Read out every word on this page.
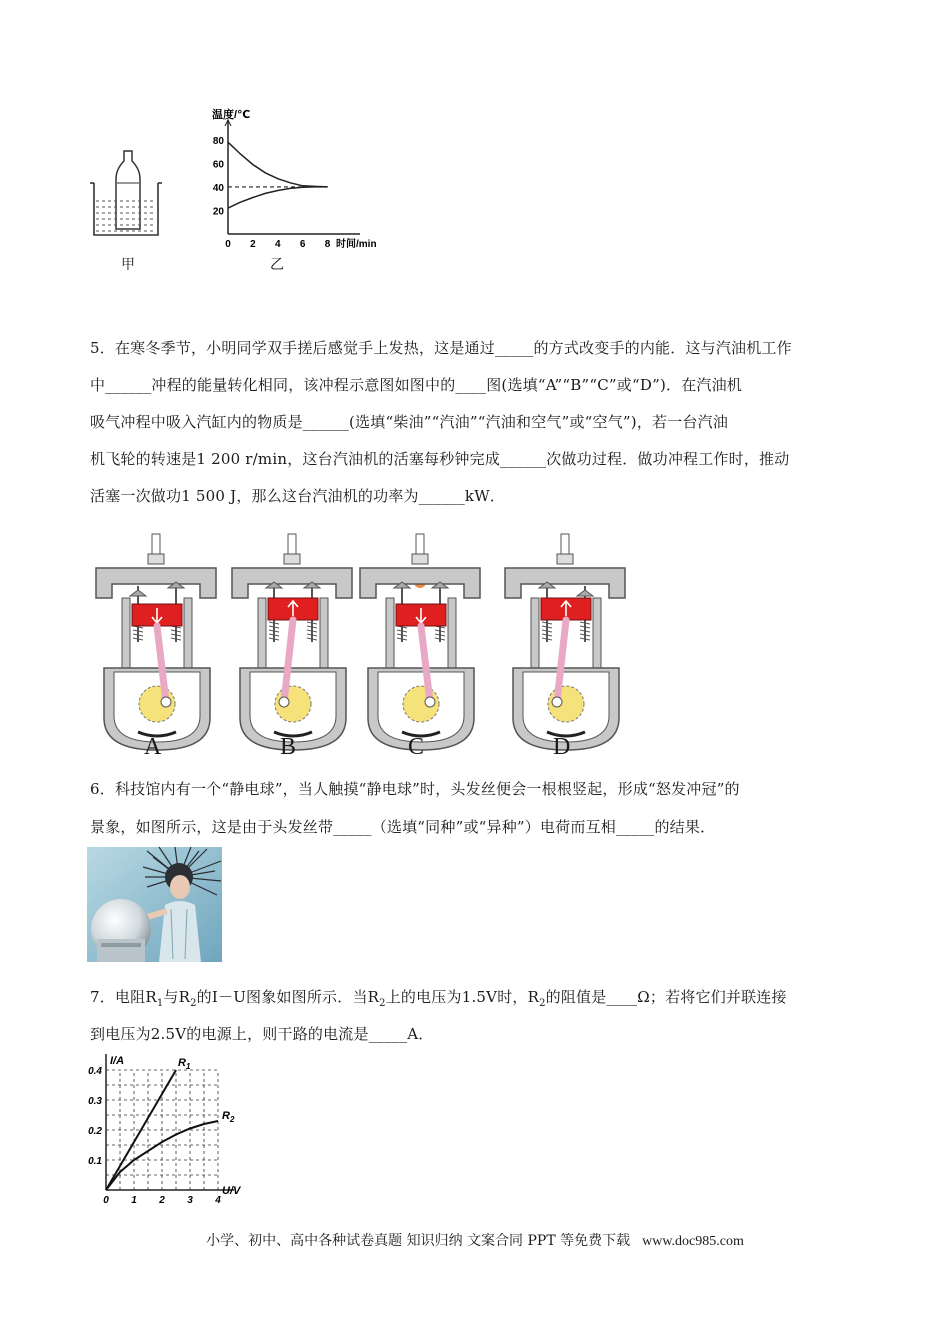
甲
0 2 4 6 8
20
40
60
80
时间/min
温度/℃
乙
5．在寒冬季节，小明同学双手搓后感觉手上发热，这是通过_____的方式改变手的内能．这与汽油机工作
中______冲程的能量转化相同，该冲程示意图如图中的____图(选填“A”“B”“C”或“D”)．在汽油机
吸气冲程中吸入汽缸内的物质是______(选填“柴油”“汽油”“汽油和空气”或“空气”)，若一台汽油
机飞轮的转速是1 200 r/min，这台汽油机的活塞每秒钟完成______次做功过程．做功冲程工作时，推动
活塞一次做功1 500 J，那么这台汽油机的功率为______kW．
A	B	C	D
6．科技馆内有一个“静电球”，当人触摸“静电球”时，头发丝便会一根根竖起，形成“怒发冲冠”的
景象，如图所示，这是由于头发丝带_____（选填“同种”或“异种”）电荷而互相_____的结果．
7．电阻$R_1$与$R_2$的I－U图象如图所示．当$R_2$上的电压为1.5V时，$R_2$的阻值是____Ω；若将它们并联连接
到电压为2.5V的电源上，则干路的电流是_____A．
0 1 2 3 4
0.1
0.2
0.3
0.4
U/V
I/A	$R_1$
$R_2$
小学、初中、高中各种试卷真题 知识归纳 文案合同 PPT 等免费下载 www.doc985.com
